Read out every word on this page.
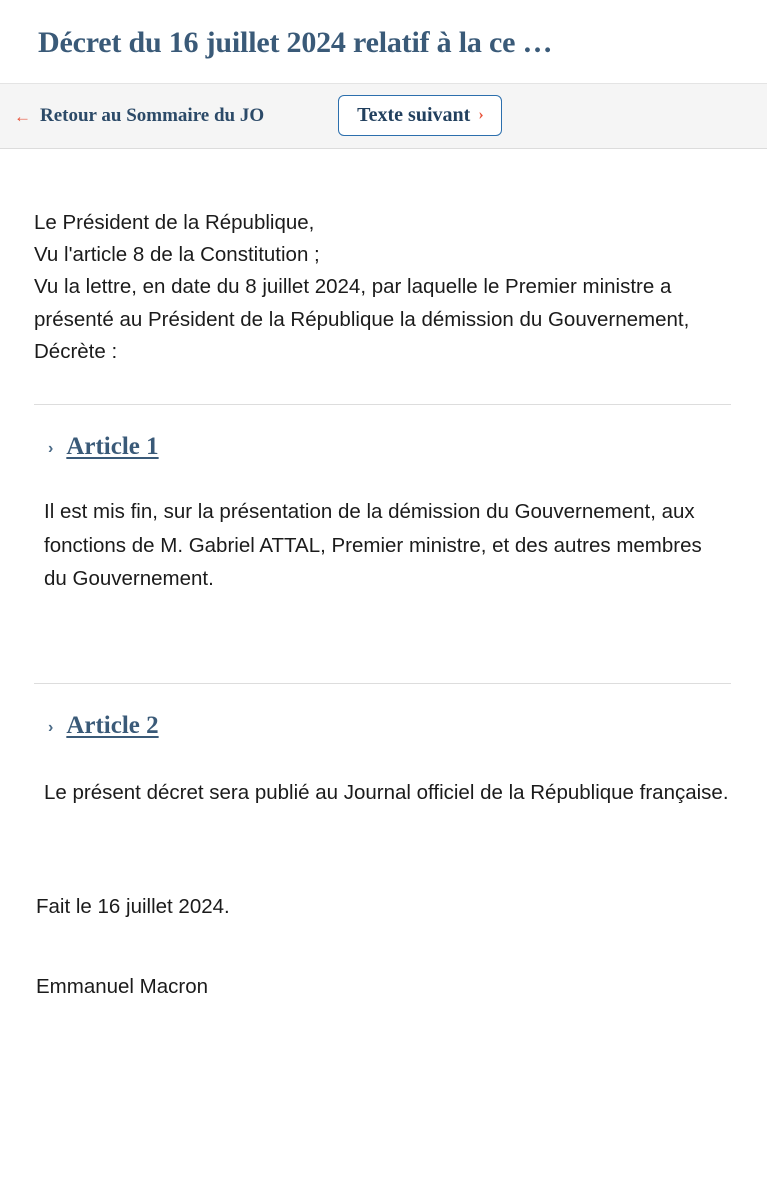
Décret du 16 juillet 2024 relatif à la ce …
← Retour au Sommaire du JO	Texte suivant ›
Le Président de la République,
Vu l'article 8 de la Constitution ;
Vu la lettre, en date du 8 juillet 2024, par laquelle le Premier ministre a présenté au Président de la République la démission du Gouvernement,
Décrète :
› Article 1
Il est mis fin, sur la présentation de la démission du Gouvernement, aux fonctions de M. Gabriel ATTAL, Premier ministre, et des autres membres du Gouvernement.
› Article 2
Le présent décret sera publié au Journal officiel de la République française.
Fait le 16 juillet 2024.
Emmanuel Macron
